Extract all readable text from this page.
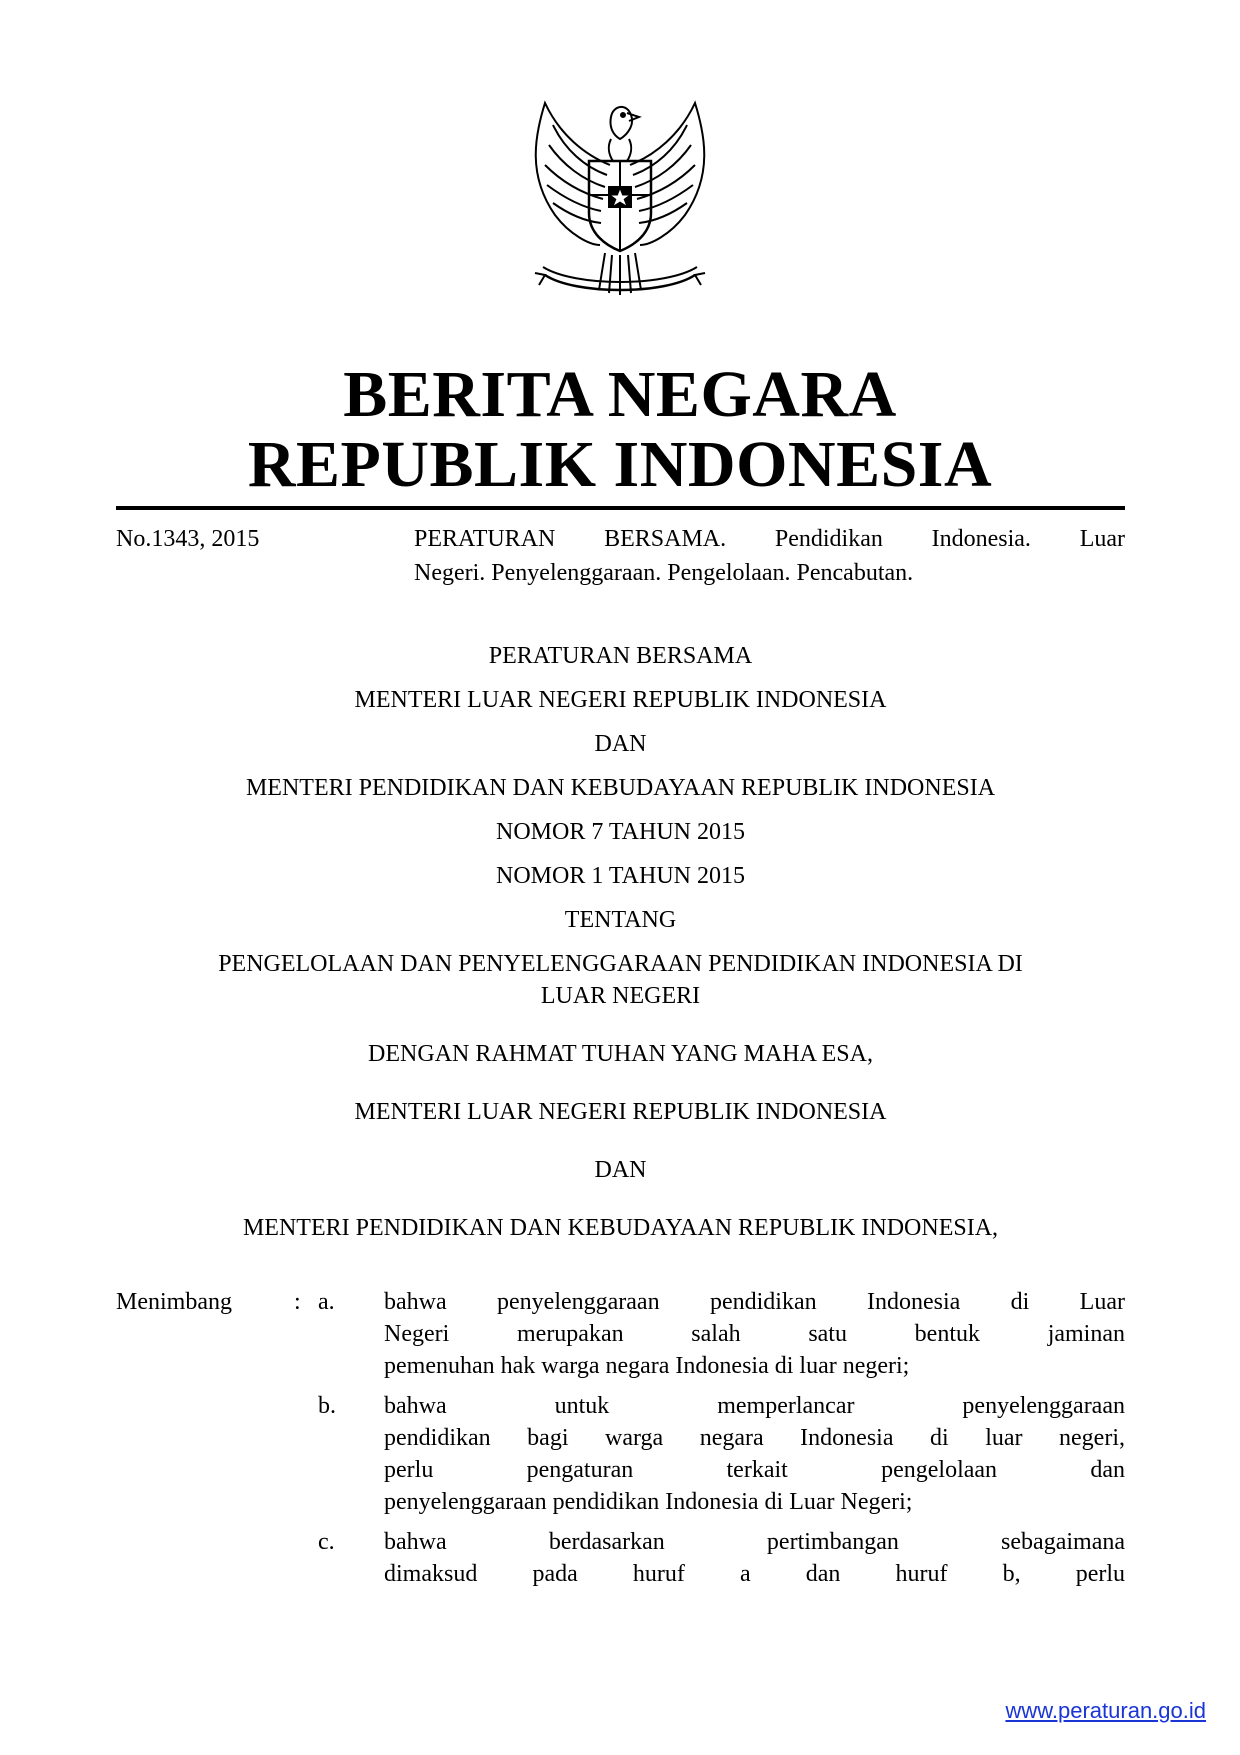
BERITA NEGARA
REPUBLIK INDONESIA
No.1343, 2015	PERATURAN BERSAMA. Pendidikan Indonesia. Luar
Negeri. Penyelenggaraan. Pengelolaan. Pencabutan.
PERATURAN BERSAMA
MENTERI LUAR NEGERI REPUBLIK INDONESIA
DAN
MENTERI PENDIDIKAN DAN KEBUDAYAAN REPUBLIK INDONESIA
NOMOR 7 TAHUN 2015
NOMOR 1 TAHUN 2015
TENTANG
PENGELOLAAN DAN PENYELENGGARAAN PENDIDIKAN INDONESIA DI
LUAR NEGERI
DENGAN RAHMAT TUHAN YANG MAHA ESA,
MENTERI LUAR NEGERI REPUBLIK INDONESIA
DAN
MENTERI PENDIDIKAN DAN KEBUDAYAAN REPUBLIK INDONESIA,
Menimbang	: a. bahwa penyelenggaraan pendidikan Indonesia di Luar
Negeri merupakan salah satu bentuk jaminan
pemenuhan hak warga negara Indonesia di luar negeri;
b. bahwa untuk memperlancar penyelenggaraan
pendidikan bagi warga negara Indonesia di luar negeri,
perlu pengaturan terkait pengelolaan dan
penyelenggaraan pendidikan Indonesia di Luar Negeri;
c. bahwa berdasarkan pertimbangan sebagaimana
dimaksud pada huruf a dan huruf b, perlu
www.peraturan.go.id
